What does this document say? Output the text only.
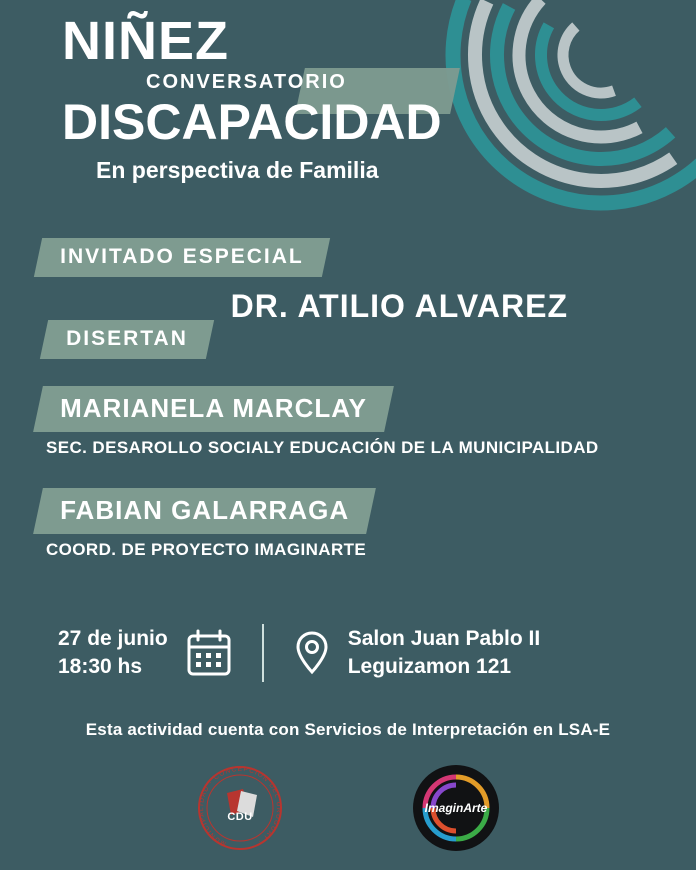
NIÑEZ
CONVERSATORIO
DISCAPACIDAD
En perspectiva de Familia
INVITADO ESPECIAL
DR. ATILIO ALVAREZ
DISERTAN
MARIANELA MARCLAY
SEC. DESAROLLO SOCIALY EDUCACIÓN DE LA MUNICIPALIDAD
FABIAN GALARRAGA
COORD. DE PROYECTO IMAGINARTE
27 de junio
18:30 hs
Salon Juan Pablo II
Leguizamon 121
Esta actividad cuenta con Servicios de Interpretación en LSA-E
MUNICIPALIDAD · CONCEPCION DEL URUGUAY ·
CDU
ImaginArte
